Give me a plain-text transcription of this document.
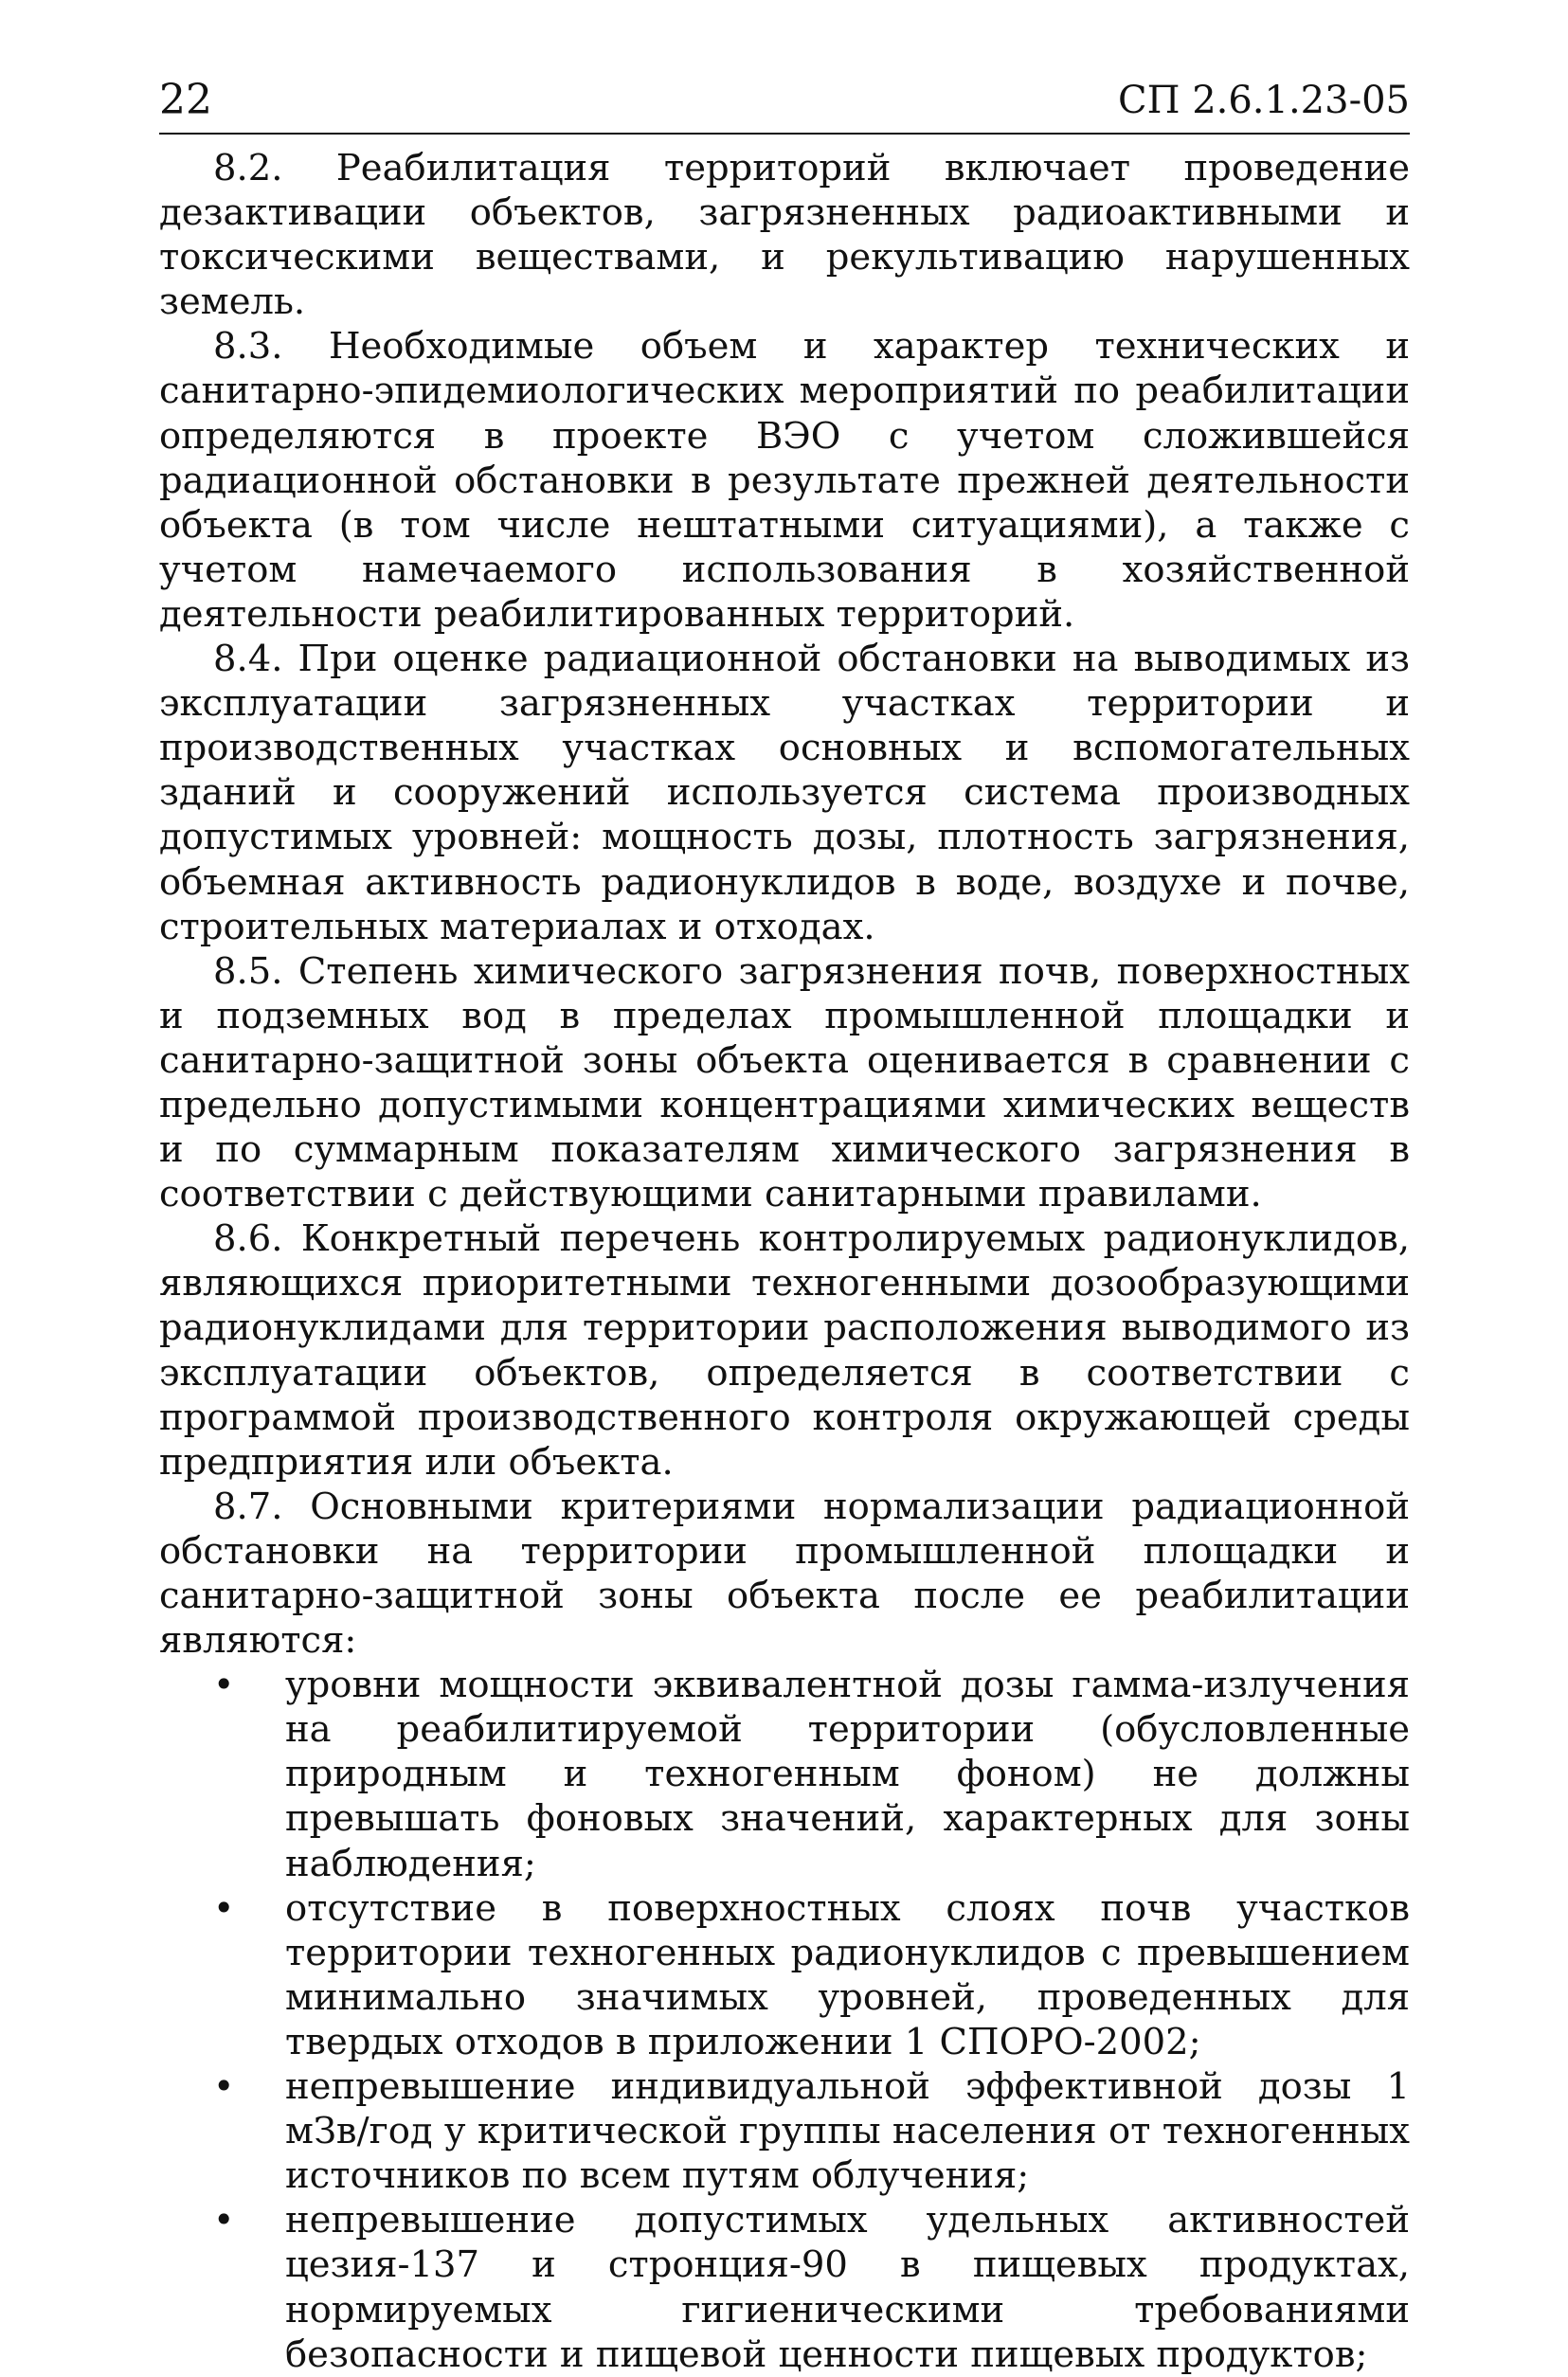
22	СП 2.6.1.23-05

8.2. Реабилитация территорий включает проведение дезактивации объектов, загрязненных радиоактивными и токсическими веществами, и рекультивацию нарушенных земель.

8.3. Необходимые объем и характер технических и санитарно-эпидемиологических мероприятий по реабилитации определяются в проекте ВЭО с учетом сложившейся радиационной обстановки в результате прежней деятельности объекта (в том числе нештатными ситуациями), а также с учетом намечаемого использования в хозяйственной деятельности реабилитированных территорий.

8.4. При оценке радиационной обстановки на выводимых из эксплуатации загрязненных участках территории и производственных участках основных и вспомогательных зданий и сооружений используется система производных допустимых уровней: мощность дозы, плотность загрязнения, объемная активность радионуклидов в воде, воздухе и почве, строительных материалах и отходах.

8.5. Степень химического загрязнения почв, поверхностных и подземных вод в пределах промышленной площадки и санитарно-защитной зоны объекта оценивается в сравнении с предельно допустимыми концентрациями химических веществ и по суммарным показателям химического загрязнения в соответствии с действующими санитарными правилами.

8.6. Конкретный перечень контролируемых радионуклидов, являющихся приоритетными техногенными дозообразующими радионуклидами для территории расположения выводимого из эксплуатации объектов, определяется в соответствии с программой производственного контроля окружающей среды предприятия или объекта.

8.7. Основными критериями нормализации радиационной обстановки на территории промышленной площадки и санитарно-защитной зоны объекта после ее реабилитации являются:

•	уровни мощности эквивалентной дозы гамма-излучения на реабилитируемой территории (обусловленные природным и техногенным фоном) не должны превышать фоновых значений, характерных для зоны наблюдения;
•	отсутствие в поверхностных слоях почв участков территории техногенных радионуклидов с превышением минимально значимых уровней, проведенных для твердых отходов в приложении 1 СПОРО-2002;
•	непревышение индивидуальной эффективной дозы 1 мЗв/год у критической группы населения от техногенных источников по всем путям облучения;
•	непревышение допустимых удельных активностей цезия-137 и стронция-90 в пищевых продуктах, нормируемых гигиеническими требованиями безопасности и пищевой ценности пищевых продуктов;
